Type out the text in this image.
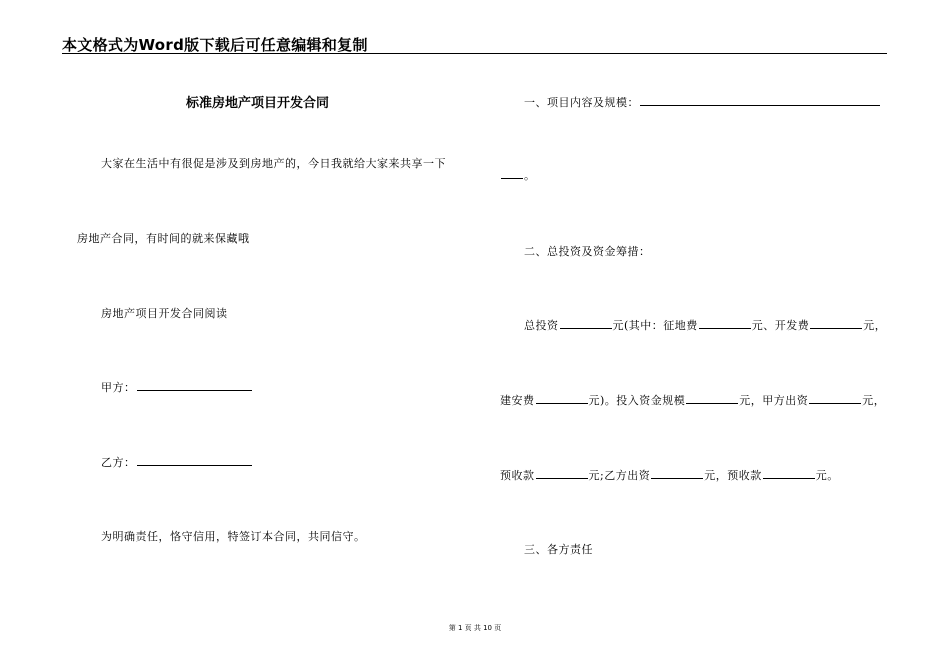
本文格式为Word版下载后可任意编辑和复制
标准房地产项目开发合同
大家在生活中有很促是涉及到房地产的，今日我就给大家来共享一下
房地产合同，有时间的就来保藏哦
房地产项目开发合同阅读
甲方：
乙方：
为明确责任，恪守信用，特签订本合同，共同信守。
一、项目内容及规模：
。
二、总投资及资金筹措：
总投资	元(其中：征地费	元、开发费	元，
建安费	元)。投入资金规模	元，甲方出资	元，
预收款	元;乙方出资	元，预收款	元。
三、各方责任
第 1 页 共 10 页
